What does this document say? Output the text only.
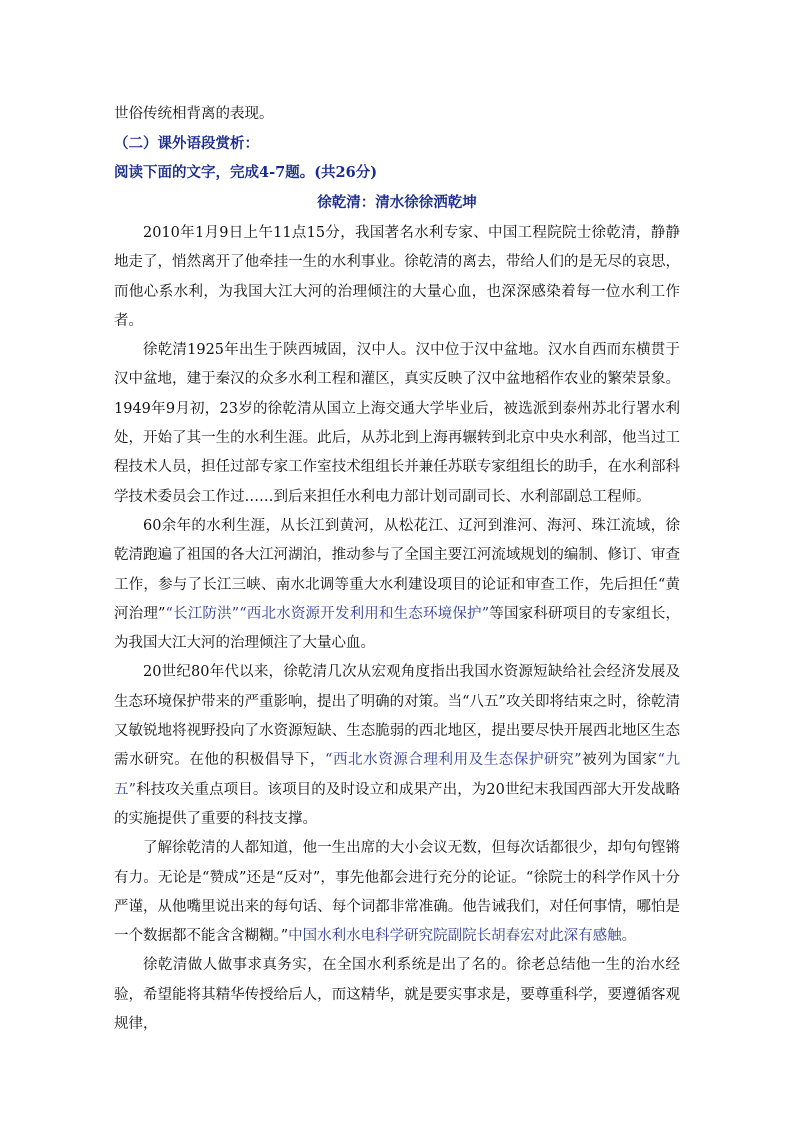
世俗传统相背离的表现。
（二）课外语段赏析：
阅读下面的文字，完成4-7题。(共26分)
徐乾清：清水徐徐洒乾坤

2010年1月9日上午11点15分，我国著名水利专家、中国工程院院士徐乾清，静静地走了，悄然离开了他牵挂一生的水利事业。徐乾清的离去，带给人们的是无尽的哀思，而他心系水利，为我国大江大河的治理倾注的大量心血，也深深感染着每一位水利工作者。

徐乾清1925年出生于陕西城固，汉中人。汉中位于汉中盆地。汉水自西而东横贯于汉中盆地，建于秦汉的众多水利工程和灌区，真实反映了汉中盆地稻作农业的繁荣景象。1949年9月初，23岁的徐乾清从国立上海交通大学毕业后，被选派到泰州苏北行署水利处，开始了其一生的水利生涯。此后，从苏北到上海再辗转到北京中央水利部，他当过工程技术人员，担任过部专家工作室技术组组长并兼任苏联专家组组长的助手，在水利部科学技术委员会工作过……到后来担任水利电力部计划司副司长、水利部副总工程师。

60余年的水利生涯，从长江到黄河，从松花江、辽河到淮河、海河、珠江流域，徐乾清跑遍了祖国的各大江河湖泊，推动参与了全国主要江河流域规划的编制、修订、审查工作，参与了长江三峡、南水北调等重大水利建设项目的论证和审查工作，先后担任“黄河治理”“长江防洪”“西北水资源开发利用和生态环境保护”等国家科研项目的专家组长，为我国大江大河的治理倾注了大量心血。

20世纪80年代以来，徐乾清几次从宏观角度指出我国水资源短缺给社会经济发展及生态环境保护带来的严重影响，提出了明确的对策。当“八五”攻关即将结束之时，徐乾清又敏锐地将视野投向了水资源短缺、生态脆弱的西北地区，提出要尽快开展西北地区生态需水研究。在他的积极倡导下，“西北水资源合理利用及生态保护研究”被列为国家“九五”科技攻关重点项目。该项目的及时设立和成果产出，为20世纪末我国西部大开发战略的实施提供了重要的科技支撑。

了解徐乾清的人都知道，他一生出席的大小会议无数，但每次话都很少，却句句铿锵有力。无论是“赞成”还是“反对”，事先他都会进行充分的论证。“徐院士的科学作风十分严谨，从他嘴里说出来的每句话、每个词都非常准确。他告诫我们，对任何事情，哪怕是一个数据都不能含含糊糊。”中国水利水电科学研究院副院长胡春宏对此深有感触。

徐乾清做人做事求真务实，在全国水利系统是出了名的。徐老总结他一生的治水经验，希望能将其精华传授给后人，而这精华，就是要实事求是，要尊重科学，要遵循客观规律，
